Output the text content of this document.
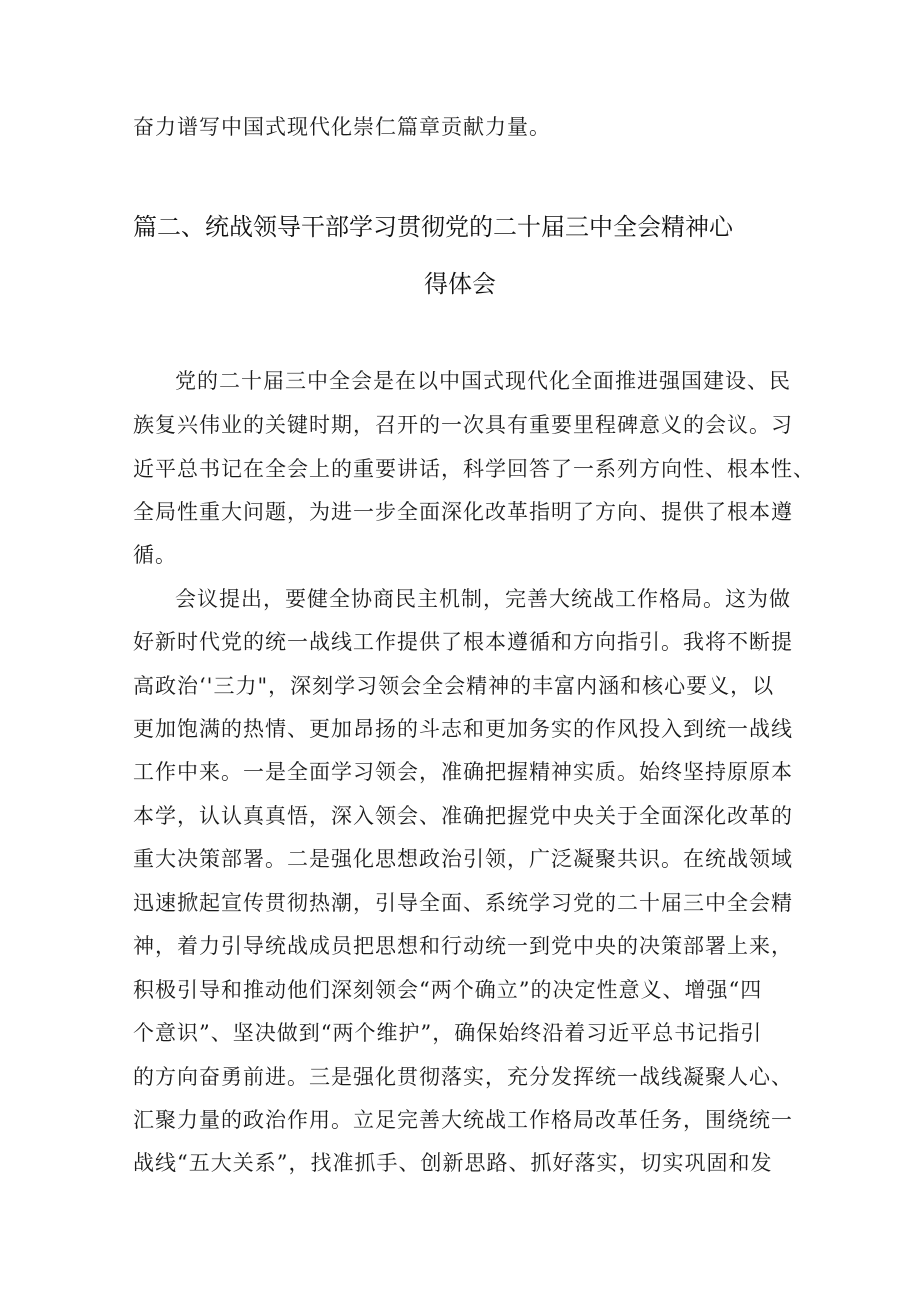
奋力谱写中国式现代化崇仁篇章贡献力量。
篇二、统战领导干部学习贯彻党的二十届三中全会精神心
得体会
党的二十届三中全会是在以中国式现代化全面推进强国建设、民
族复兴伟业的关键时期，召开的一次具有重要里程碑意义的会议。习
近平总书记在全会上的重要讲话，科学回答了一系列方向性、根本性、
全局性重大问题，为进一步全面深化改革指明了方向、提供了根本遵
循。
会议提出，要健全协商民主机制，完善大统战工作格局。这为做
好新时代党的统一战线工作提供了根本遵循和方向指引。我将不断提
高政治‘'三力"，深刻学习领会全会精神的丰富内涵和核心要义，以
更加饱满的热情、更加昂扬的斗志和更加务实的作风投入到统一战线
工作中来。一是全面学习领会，准确把握精神实质。始终坚持原原本
本学，认认真真悟，深入领会、准确把握党中央关于全面深化改革的
重大决策部署。二是强化思想政治引领，广泛凝聚共识。在统战领域
迅速掀起宣传贯彻热潮，引导全面、系统学习党的二十届三中全会精
神，着力引导统战成员把思想和行动统一到党中央的决策部署上来，
积极引导和推动他们深刻领会“两个确立”的决定性意义、增强“四
个意识”、坚决做到“两个维护”，确保始终沿着习近平总书记指引
的方向奋勇前进。三是强化贯彻落实，充分发挥统一战线凝聚人心、
汇聚力量的政治作用。立足完善大统战工作格局改革任务，围绕统一
战线“五大关系”，找准抓手、创新思路、抓好落实，切实巩固和发
